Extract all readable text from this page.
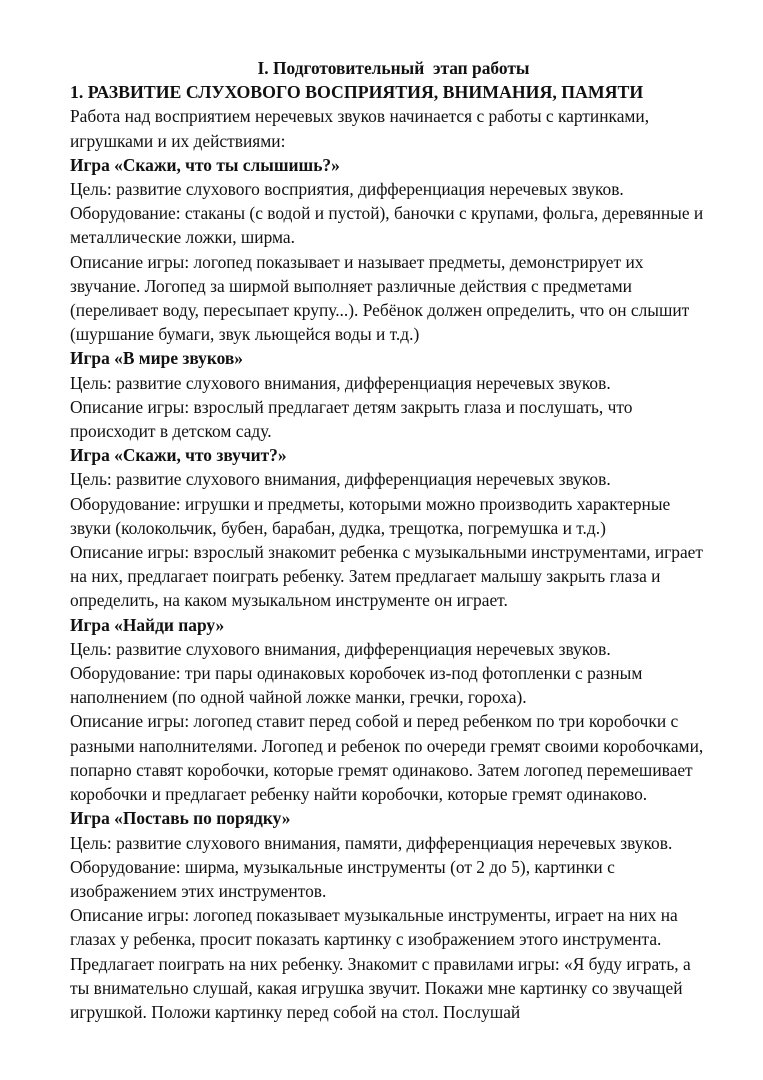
I. Подготовительный  этап работы

1. РАЗВИТИЕ СЛУХОВОГО ВОСПРИЯТИЯ, ВНИМАНИЯ, ПАМЯТИ

Работа над восприятием неречевых звуков начинается с работы с картинками, игрушками и их действиями:

Игра «Скажи, что ты слышишь?»

Цель: развитие слухового восприятия, дифференциация неречевых звуков.

Оборудование: стаканы (с водой и пустой), баночки с крупами, фольга, деревянные и металлические ложки, ширма.

Описание игры: логопед показывает и называет предметы, демонстрирует их звучание. Логопед за ширмой выполняет различные действия с предметами (переливает воду, пересыпает крупу...). Ребёнок должен определить, что он слышит (шуршание бумаги, звук льющейся воды и т.д.)

Игра «В мире звуков»

Цель: развитие слухового внимания, дифференциация неречевых звуков.

Описание игры: взрослый предлагает детям закрыть глаза и послушать, что происходит в детском саду.

Игра «Скажи, что звучит?»

Цель: развитие слухового внимания, дифференциация неречевых звуков.

Оборудование: игрушки и предметы, которыми можно производить характерные звуки (колокольчик, бубен, барабан, дудка, трещотка, погремушка и т.д.)

Описание игры: взрослый знакомит ребенка с музыкальными инструментами, играет на них, предлагает поиграть ребенку. Затем предлагает малышу закрыть глаза и определить, на каком музыкальном инструменте он играет.

Игра «Найди пару»

Цель: развитие слухового внимания, дифференциация неречевых звуков.

Оборудование: три пары одинаковых коробочек из-под фотопленки с разным наполнением (по одной чайной ложке манки, гречки, гороха).

Описание игры: логопед ставит перед собой и перед ребенком по три коробочки с разными наполнителями. Логопед и ребенок по очереди гремят своими коробочками, попарно ставят коробочки, которые гремят одинаково. Затем логопед перемешивает коробочки и предлагает ребенку найти коробочки, которые гремят одинаково.

Игра «Поставь по порядку»

Цель: развитие слухового внимания, памяти, дифференциация неречевых звуков.

Оборудование: ширма, музыкальные инструменты (от 2 до 5), картинки с изображением этих инструментов.

Описание игры: логопед показывает музыкальные инструменты, играет на них на глазах у ребенка, просит показать картинку с изображением этого инструмента. Предлагает поиграть на них ребенку. Знакомит с правилами игры: «Я буду играть, а ты внимательно слушай, какая игрушка звучит. Покажи мне картинку со звучащей игрушкой. Положи картинку перед собой на стол. Послушай
